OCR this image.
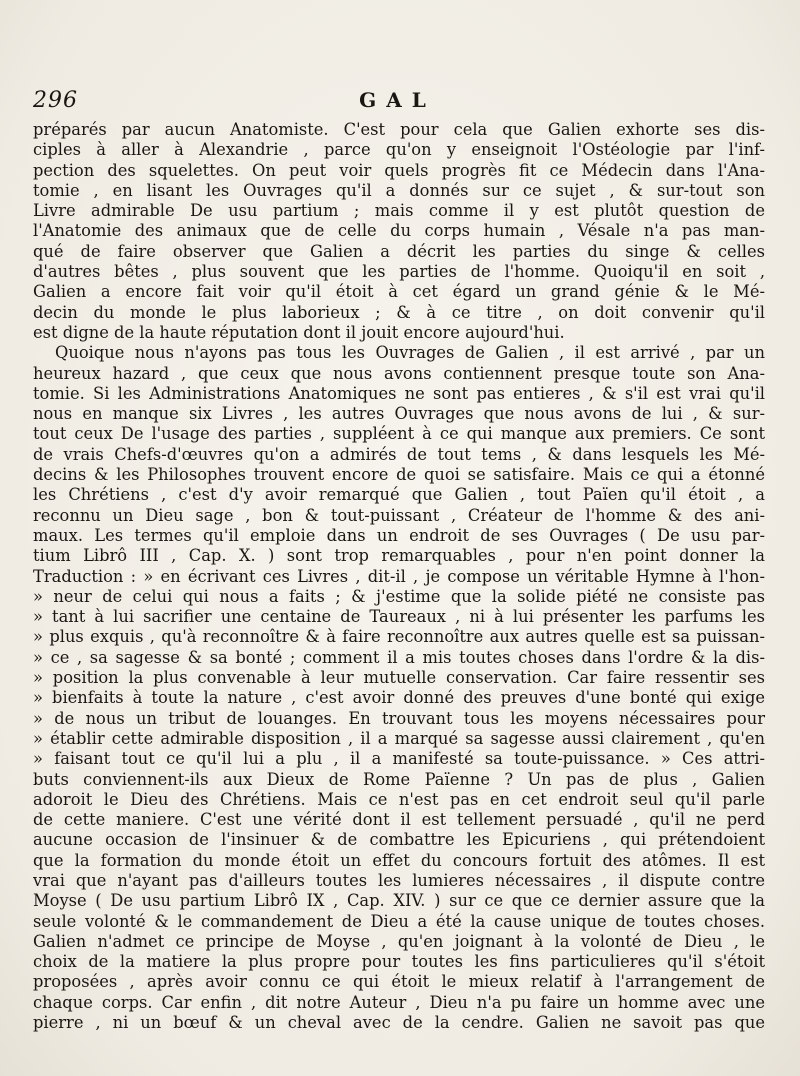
296	GAL
préparés par aucun Anatomiste. C'est pour cela que Galien exhorte ses dis-
ciples à aller à Alexandrie , parce qu'on y enseignoit l'Ostéologie par l'inf-
pection des squelettes. On peut voir quels progrès fit ce Médecin dans l'Ana-
tomie , en lisant les Ouvrages qu'il a donnés sur ce sujet , & sur-tout son
Livre admirable De usu partium ; mais comme il y est plutôt question de
l'Anatomie des animaux que de celle du corps humain , Vésale n'a pas man-
qué de faire observer que Galien a décrit les parties du singe & celles
d'autres bêtes , plus souvent que les parties de l'homme. Quoiqu'il en soit ,
Galien a encore fait voir qu'il étoit à cet égard un grand génie & le Mé-
decin du monde le plus laborieux ; & à ce titre , on doit convenir qu'il
est digne de la haute réputation dont il jouit encore aujourd'hui.
Quoique nous n'ayons pas tous les Ouvrages de Galien , il est arrivé , par un
heureux hazard , que ceux que nous avons contiennent presque toute son Ana-
tomie. Si les Administrations Anatomiques ne sont pas entieres , & s'il est vrai qu'il
nous en manque six Livres , les autres Ouvrages que nous avons de lui , & sur-
tout ceux De l'usage des parties , suppléent à ce qui manque aux premiers. Ce sont
de vrais Chefs-d'œuvres qu'on a admirés de tout tems , & dans lesquels les Mé-
decins & les Philosophes trouvent encore de quoi se satisfaire. Mais ce qui a étonné
les Chrétiens , c'est d'y avoir remarqué que Galien , tout Païen qu'il étoit , a
reconnu un Dieu sage , bon & tout-puissant , Créateur de l'homme & des ani-
maux. Les termes qu'il emploie dans un endroit de ses Ouvrages ( De usu par-
tium Librô III , Cap. X. ) sont trop remarquables , pour n'en point donner la
Traduction : » en écrivant ces Livres , dit-il , je compose un véritable Hymne à l'hon-
» neur de celui qui nous a faits ; & j'estime que la solide piété ne consiste pas
» tant à lui sacrifier une centaine de Taureaux , ni à lui présenter les parfums les
» plus exquis , qu'à reconnoître & à faire reconnoître aux autres quelle est sa puissan-
» ce , sa sagesse & sa bonté ; comment il a mis toutes choses dans l'ordre & la dis-
» position la plus convenable à leur mutuelle conservation. Car faire ressentir ses
» bienfaits à toute la nature , c'est avoir donné des preuves d'une bonté qui exige
» de nous un tribut de louanges. En trouvant tous les moyens nécessaires pour
» établir cette admirable disposition , il a marqué sa sagesse aussi clairement , qu'en
» faisant tout ce qu'il lui a plu , il a manifesté sa toute-puissance. » Ces attri-
buts conviennent-ils aux Dieux de Rome Païenne ? Un pas de plus , Galien
adoroit le Dieu des Chrétiens. Mais ce n'est pas en cet endroit seul qu'il parle
de cette maniere. C'est une vérité dont il est tellement persuadé , qu'il ne perd
aucune occasion de l'insinuer & de combattre les Epicuriens , qui prétendoient
que la formation du monde étoit un effet du concours fortuit des atômes. Il est
vrai que n'ayant pas d'ailleurs toutes les lumieres nécessaires , il dispute contre
Moyse ( De usu partium Librô IX , Cap. XIV. ) sur ce que ce dernier assure que la
seule volonté & le commandement de Dieu a été la cause unique de toutes choses.
Galien n'admet ce principe de Moyse , qu'en joignant à la volonté de Dieu , le
choix de la matiere la plus propre pour toutes les fins particulieres qu'il s'étoit
proposées , après avoir connu ce qui étoit le mieux relatif à l'arrangement de
chaque corps. Car enfin , dit notre Auteur , Dieu n'a pu faire un homme avec une
pierre , ni un bœuf & un cheval avec de la cendre. Galien ne savoit pas que
